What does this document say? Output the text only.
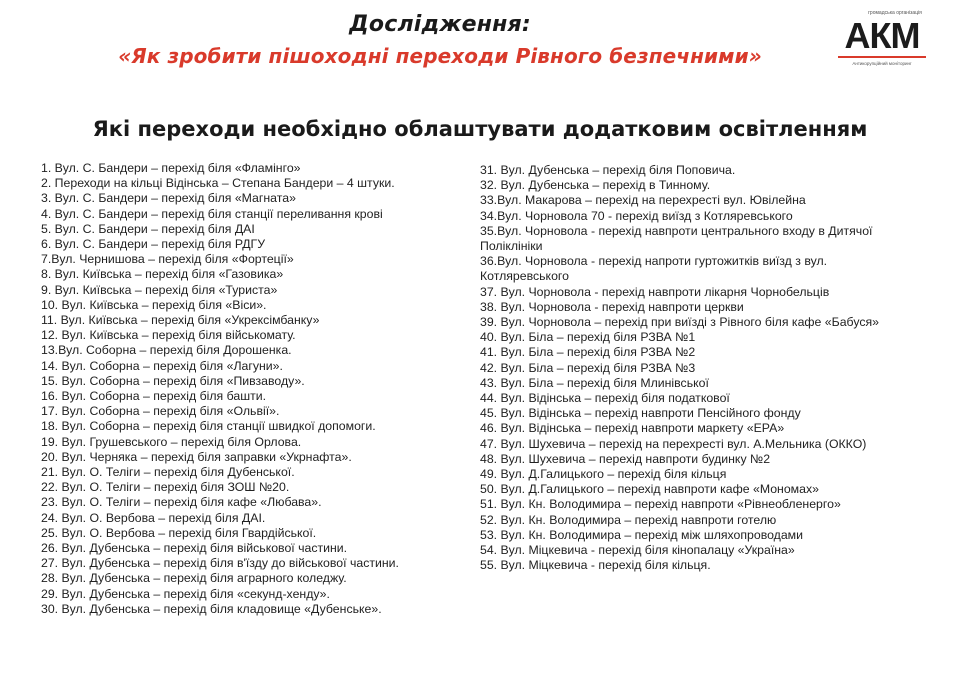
Дослідження:
«Як зробити пішоходні переходи Рівного безпечними»
громадська організація
АКМ
Антикорупційний моніторинг
Які переходи необхідно облаштувати додатковим освітленням
1. Вул. С. Бандери – перехід біля «Фламінго»
2. Переходи на кільці Відінська – Степана Бандери – 4 штуки.
3. Вул. С. Бандери – перехід біля «Магната»
4. Вул. С. Бандери – перехід біля станції переливання крові
5. Вул. С. Бандери – перехід біля ДАІ
6. Вул. С. Бандери – перехід біля РДГУ
7.Вул. Чернишова – перехід біля «Фортеції»
8. Вул. Київська – перехід біля «Газовика»
9. Вул. Київська – перехід біля «Туриста»
10. Вул. Київська – перехід біля «Віси».
11. Вул. Київська – перехід біля «Укрексімбанку»
12. Вул. Київська – перехід біля військомату.
13.Вул. Соборна – перехід біля Дорошенка.
14. Вул. Соборна – перехід біля «Лагуни».
15. Вул. Соборна – перехід біля «Пивзаводу».
16. Вул. Соборна – перехід біля башти.
17. Вул. Соборна – перехід біля «Ольвії».
18. Вул. Соборна – перехід біля станції швидкої допомоги.
19. Вул. Грушевського – перехід біля Орлова.
20. Вул. Черняка – перехід біля заправки «Укрнафта».
21. Вул. О. Теліги – перехід біля Дубенської.
22. Вул. О. Теліги – перехід біля ЗОШ №20.
23. Вул. О. Теліги – перехід біля кафе «Любава».
24. Вул. О. Вербова – перехід біля ДАІ.
25. Вул. О. Вербова – перехід біля Гвардійської.
26. Вул. Дубенська – перехід біля військової частини.
27. Вул. Дубенська – перехід біля в'їзду до військової частини.
28. Вул. Дубенська – перехід біля аграрного коледжу.
29. Вул. Дубенська – перехід біля «секунд-хенду».
30. Вул. Дубенська – перехід біля кладовище «Дубенське».
31. Вул. Дубенська – перехід біля Поповича.
32. Вул. Дубенська – перехід в Тинному.
33.Вул. Макарова – перехід на перехресті вул. Ювілейна
34.Вул. Чорновола 70 - перехід виїзд з Котляревського
35.Вул. Чорновола - перехід навпроти центрального входу в Дитячої Поліклініки
36.Вул. Чорновола - перехід напроти гуртожитків виїзд з вул. Котляревського
37. Вул. Чорновола - перехід навпроти лікарня Чорнобельців
38. Вул. Чорновола - перехід навпроти церкви
39. Вул. Чорновола – перехід при виїзді з Рівного біля кафе «Бабуся»
40. Вул. Біла – перехід біля РЗВА №1
41. Вул. Біла – перехід біля РЗВА №2
42. Вул. Біла – перехід біля РЗВА №3
43. Вул. Біла – перехід біля Млинівської
44. Вул. Відінська – перехід біля податкової
45. Вул. Відінська – перехід навпроти Пенсійного фонду
46. Вул. Відінська – перехід навпроти маркету «ЕРА»
47. Вул. Шухевича – перехід на перехресті вул. А.Мельника (ОККО)
48. Вул. Шухевича – перехід навпроти будинку №2
49. Вул. Д.Галицького – перехід біля кільця
50. Вул. Д.Галицького – перехід навпроти кафе «Мономах»
51. Вул. Кн. Володимира – перехід навпроти «Рівнеобленерго»
52. Вул. Кн. Володимира – перехід навпроти готелю
53. Вул. Кн. Володимира – перехід між шляхопроводами
54. Вул. Міцкевича - перехід біля кінопалацу «Україна»
55. Вул. Міцкевича - перехід біля кільця.
